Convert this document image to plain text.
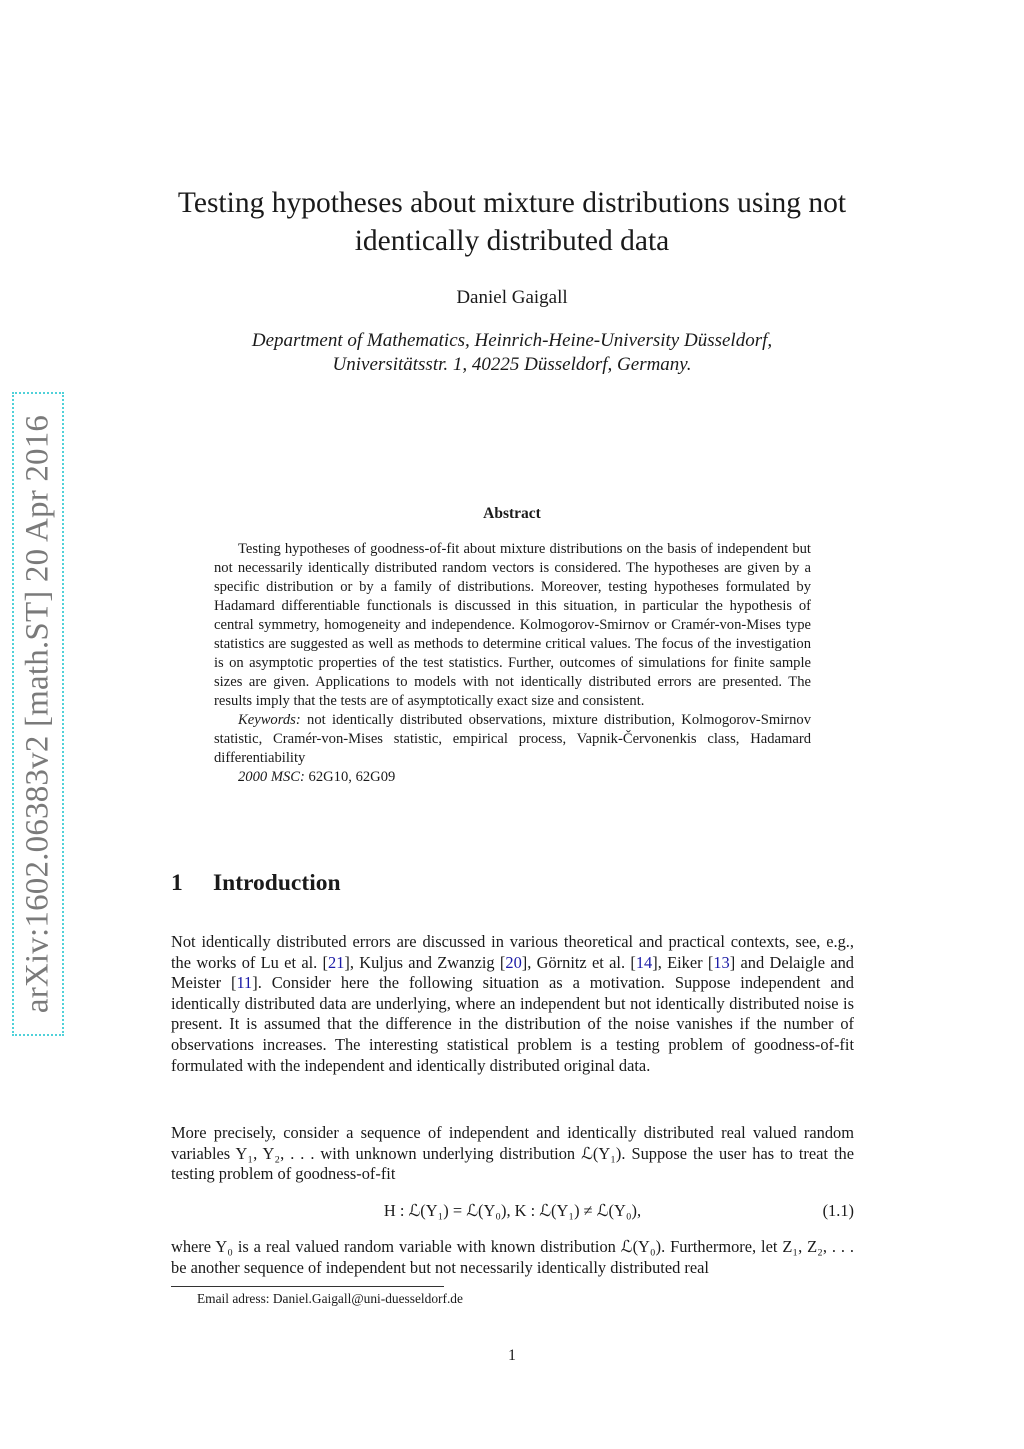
arXiv:1602.06383v2 [math.ST] 20 Apr 2016
Testing hypotheses about mixture distributions using not identically distributed data
Daniel Gaigall
Department of Mathematics, Heinrich-Heine-University Düsseldorf,
Universitätsstr. 1, 40225 Düsseldorf, Germany.
Abstract

Testing hypotheses of goodness-of-fit about mixture distributions on the basis of independent but not necessarily identically distributed random vectors is considered. The hypotheses are given by a specific distribution or by a family of distributions. Moreover, testing hypotheses formulated by Hadamard differentiable functionals is discussed in this situation, in particular the hypothesis of central symmetry, homogeneity and independence. Kolmogorov-Smirnov or Cramér-von-Mises type statistics are suggested as well as methods to determine critical values. The focus of the investigation is on asymptotic properties of the test statistics. Further, outcomes of simulations for finite sample sizes are given. Applications to models with not identically distributed errors are presented. The results imply that the tests are of asymptotically exact size and consistent.

Keywords: not identically distributed observations, mixture distribution, Kolmogorov-Smirnov statistic, Cramér-von-Mises statistic, empirical process, Vapnik-Červonenkis class, Hadamard differentiability

2000 MSC: 62G10, 62G09

1 Introduction

Not identically distributed errors are discussed in various theoretical and practical contexts, see, e.g., the works of Lu et al. [21], Kuljus and Zwanzig [20], Görnitz et al. [14], Eiker [13] and Delaigle and Meister [11]. Consider here the following situation as a motivation. Suppose independent and identically distributed data are underlying, where an independent but not identically distributed noise is present. It is assumed that the difference in the distribution of the noise vanishes if the number of observations increases. The interesting statistical problem is a testing problem of goodness-of-fit formulated with the independent and identically distributed original data.

More precisely, consider a sequence of independent and identically distributed real valued random variables Y₁, Y₂, . . . with unknown underlying distribution ℒ(Y₁). Suppose the user has to treat the testing problem of goodness-of-fit

H : ℒ(Y₁) = ℒ(Y₀), K : ℒ(Y₁) ≠ ℒ(Y₀),	(1.1)

where Y₀ is a real valued random variable with known distribution ℒ(Y₀). Furthermore, let Z₁, Z₂, . . . be another sequence of independent but not necessarily identically distributed real

Email adress: Daniel.Gaigall@uni-duesseldorf.de
1
